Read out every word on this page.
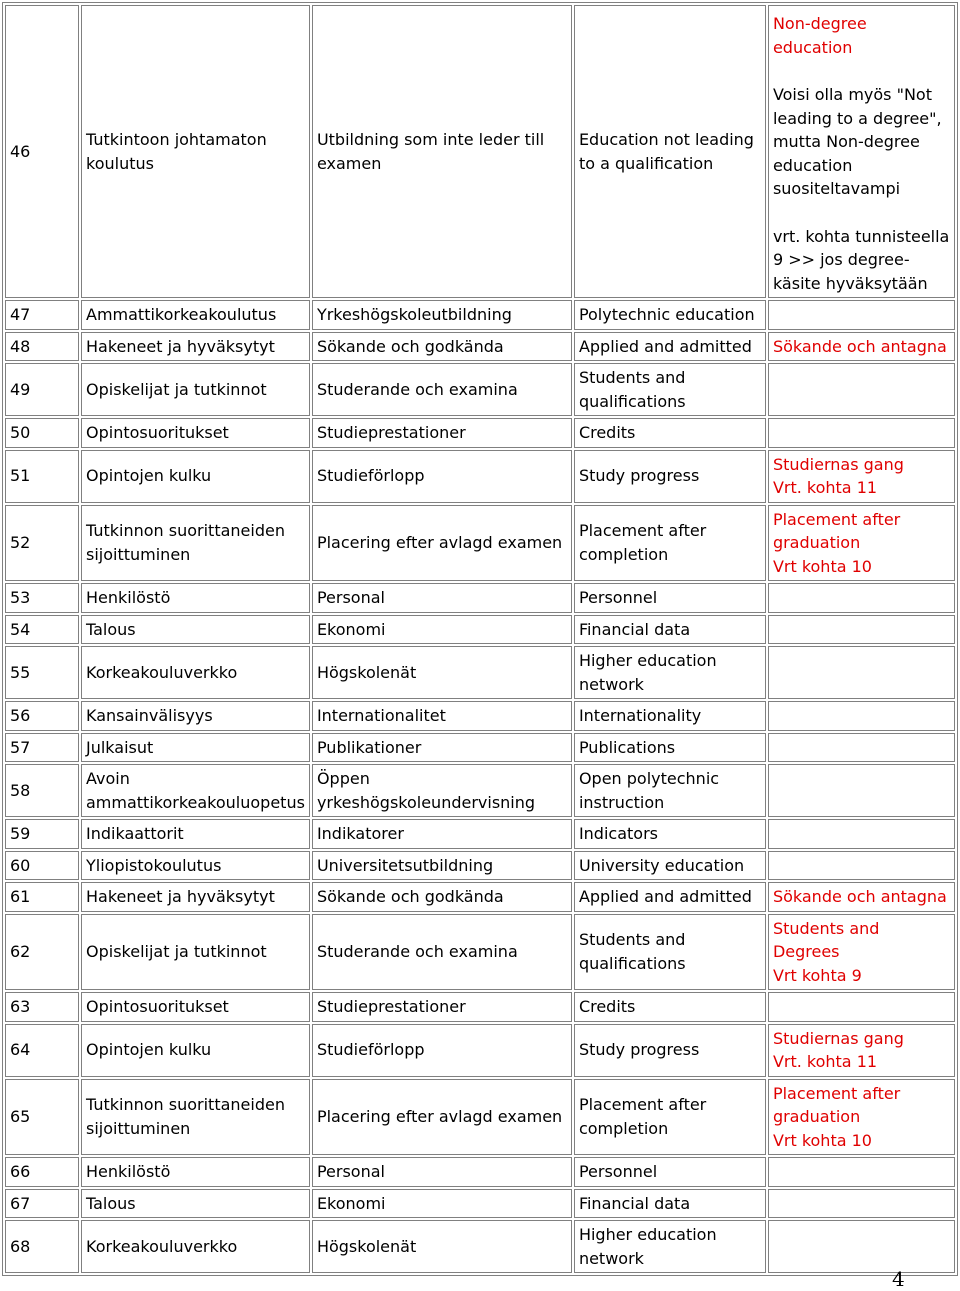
46	Tutkintoon johtamaton koulutus	Utbildning som inte leder till examen	Education not leading to a qualification	Non-degree education
Voisi olla myös "Not leading to a degree", mutta Non-degree education suositeltavampi
vrt. kohta tunnisteella 9 >> jos degree-käsite hyväksytään

47	Ammattikorkeakoulutus	Yrkeshögskoleutbildning	Polytechnic education	
48	Hakeneet ja hyväksytyt	Sökande och godkända	Applied and admitted	Sökande och antagna

49	Opiskelijat ja tutkinnot	Studerande och examina	Students and qualifications	
50	Opintosuoritukset	Studieprestationer	Credits	
51	Opintojen kulku	Studieförlopp	Study progress	Studiernas gang
Vrt. kohta 11

52	Tutkinnon suorittaneiden sijoittuminen	Placering efter avlagd examen	Placement after completion	Placement after graduation
Vrt kohta 10

53	Henkilöstö	Personal	Personnel	
54	Talous	Ekonomi	Financial data	
55	Korkeakouluverkko	Högskolenät	Higher education network	
56	Kansainvälisyys	Internationalitet	Internationality	
57	Julkaisut	Publikationer	Publications	
58	Avoin ammattikorkeakouluopetus	Öppen yrkeshögskoleundervisning	Open polytechnic instruction	
59	Indikaattorit	Indikatorer	Indicators	
60	Yliopistokoulutus	Universitetsutbildning	University education	
61	Hakeneet ja hyväksytyt	Sökande och godkända	Applied and admitted	Sökande och antagna

62	Opiskelijat ja tutkinnot	Studerande och examina	Students and qualifications	Students and Degrees
Vrt kohta 9

63	Opintosuoritukset	Studieprestationer	Credits	
64	Opintojen kulku	Studieförlopp	Study progress	Studiernas gang
Vrt. kohta 11

65	Tutkinnon suorittaneiden sijoittuminen	Placering efter avlagd examen	Placement after completion	Placement after graduation
Vrt kohta 10

66	Henkilöstö	Personal	Personnel	
67	Talous	Ekonomi	Financial data	
68	Korkeakouluverkko	Högskolenät	Higher education network	
4
